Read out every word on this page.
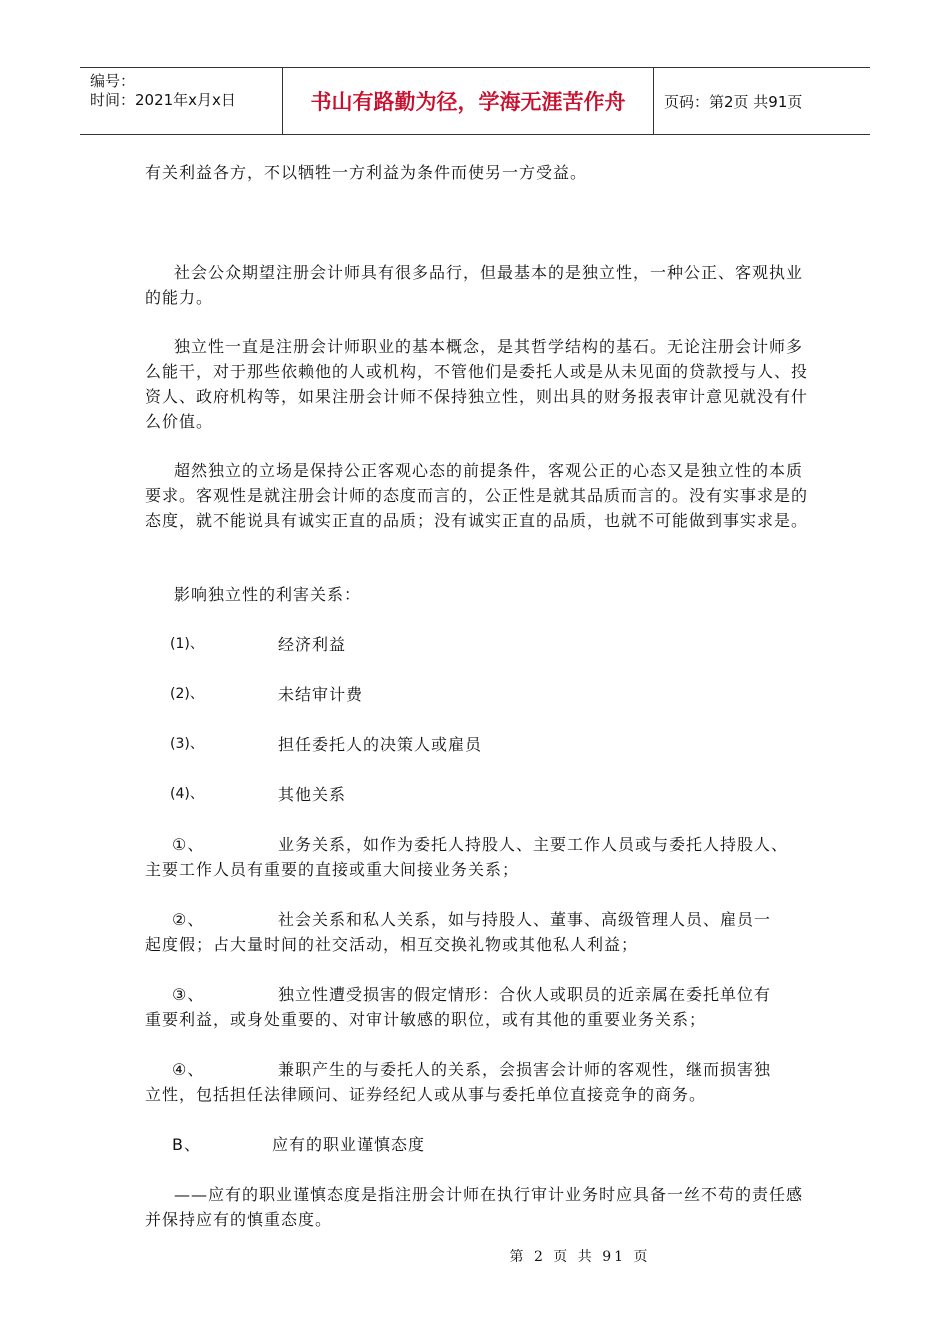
编号：
时间：2021年x月x日	书山有路勤为径，学海无涯苦作舟	页码：第2页 共91页

有关利益各方，不以牺牲一方利益为条件而使另一方受益。

社会公众期望注册会计师具有很多品行，但最基本的是独立性，一种公正、客观执业的能力。

独立性一直是注册会计师职业的基本概念，是其哲学结构的基石。无论注册会计师多么能干，对于那些依赖他的人或机构，不管他们是委托人或是从未见面的贷款授与人、投资人、政府机构等，如果注册会计师不保持独立性，则出具的财务报表审计意见就没有什么价值。

超然独立的立场是保持公正客观心态的前提条件，客观公正的心态又是独立性的本质要求。客观性是就注册会计师的态度而言的，公正性是就其品质而言的。没有实事求是的态度，就不能说具有诚实正直的品质；没有诚实正直的品质，也就不可能做到事实求是。

影响独立性的利害关系：

(1)、	经济利益
(2)、	未结审计费
(3)、	担任委托人的决策人或雇员
(4)、	其他关系
①、	业务关系，如作为委托人持股人、主要工作人员或与委托人持股人、
主要工作人员有重要的直接或重大间接业务关系；
②、	社会关系和私人关系，如与持股人、董事、高级管理人员、雇员一
起度假；占大量时间的社交活动，相互交换礼物或其他私人利益；
③、	独立性遭受损害的假定情形：合伙人或职员的近亲属在委托单位有
重要利益，或身处重要的、对审计敏感的职位，或有其他的重要业务关系；
④、	兼职产生的与委托人的关系，会损害会计师的客观性，继而损害独
立性，包括担任法律顾问、证券经纪人或从事与委托单位直接竞争的商务。
B、	应有的职业谨慎态度

——应有的职业谨慎态度是指注册会计师在执行审计业务时应具备一丝不苟的责任感并保持应有的慎重态度。

第 2 页 共 91 页
